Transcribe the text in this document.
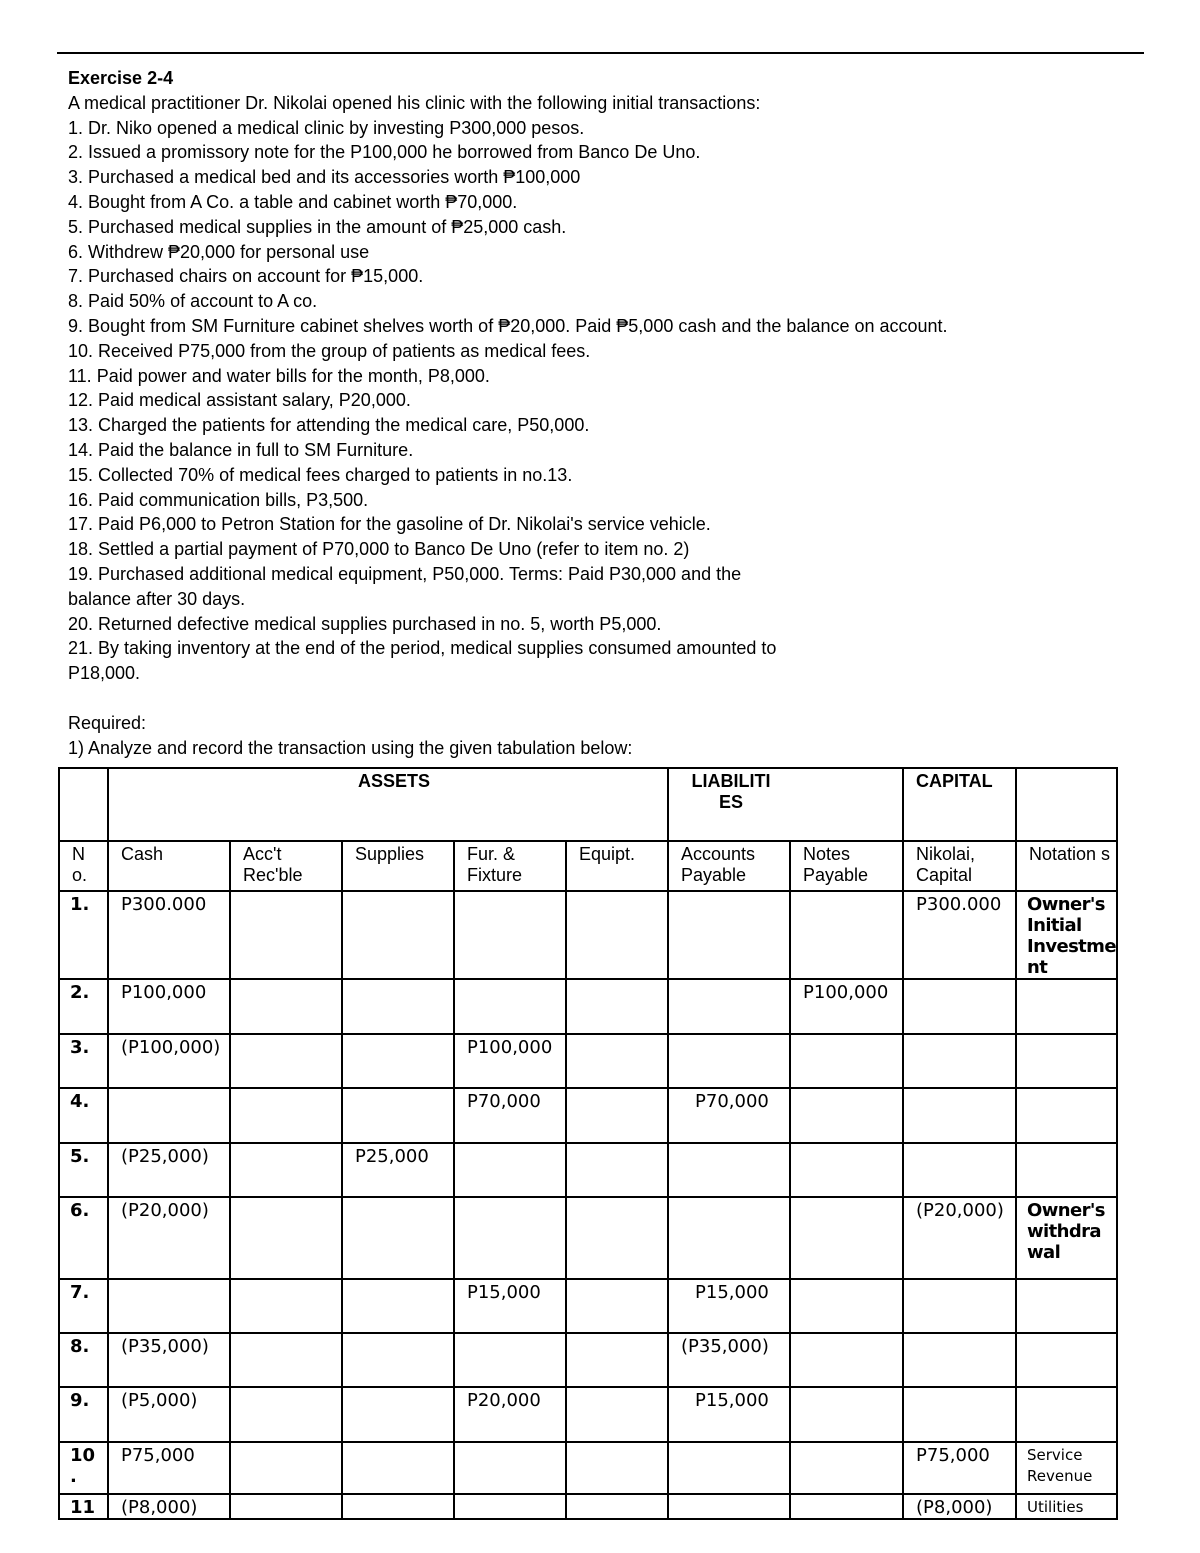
Exercise 2-4
A medical practitioner Dr. Nikolai opened his clinic with the following initial transactions:
1. Dr. Niko opened a medical clinic by investing P300,000 pesos.
2. Issued a promissory note for the P100,000 he borrowed from Banco De Uno.
3. Purchased a medical bed and its accessories worth ₱100,000
4. Bought from A Co. a table and cabinet worth ₱70,000.
5. Purchased medical supplies in the amount of ₱25,000 cash.
6. Withdrew ₱20,000 for personal use
7. Purchased chairs on account for ₱15,000.
8. Paid 50% of account to A co.
9. Bought from SM Furniture cabinet shelves worth of ₱20,000. Paid ₱5,000 cash and the balance on account.
10. Received P75,000 from the group of patients as medical fees.
11. Paid power and water bills for the month, P8,000.
12. Paid medical assistant salary, P20,000.
13. Charged the patients for attending the medical care, P50,000.
14. Paid the balance in full to SM Furniture.
15. Collected 70% of medical fees charged to patients in no.13.
16. Paid communication bills, P3,500.
17. Paid P6,000 to Petron Station for the gasoline of Dr. Nikolai's service vehicle.
18. Settled a partial payment of P70,000 to Banco De Uno (refer to item no. 2)
19. Purchased additional medical equipment, P50,000. Terms: Paid P30,000 and the
balance after 30 days.
20. Returned defective medical supplies purchased in no. 5, worth P5,000.
21. By taking inventory at the end of the period, medical supplies consumed amounted to
P18,000.
Required:
1) Analyze and record the transaction using the given tabulation below:
	ASSETS					LIABILITI ES		CAPITAL	
N o.	Cash	Acc't Rec'ble	Supplies	Fur. & Fixture	Equipt.	Accounts Payable	Notes Payable	Nikolai, Capital	Notation s
1.	P300.000							P300.000	Owner's Initial Investment
2.	P100,000						P100,000		
3.	(P100,000)			P100,000					
4.				P70,000		P70,000			
5.	(P25,000)		P25,000						
6.	(P20,000)							(P20,000)	Owner's withdra wal
7.				P15,000		P15,000			
8.	(P35,000)					(P35,000)			
9.	(P5,000)			P20,000		P15,000			
10 .	P75,000							P75,000	Service Revenue
11	(P8,000)							(P8,000)	Utilities
